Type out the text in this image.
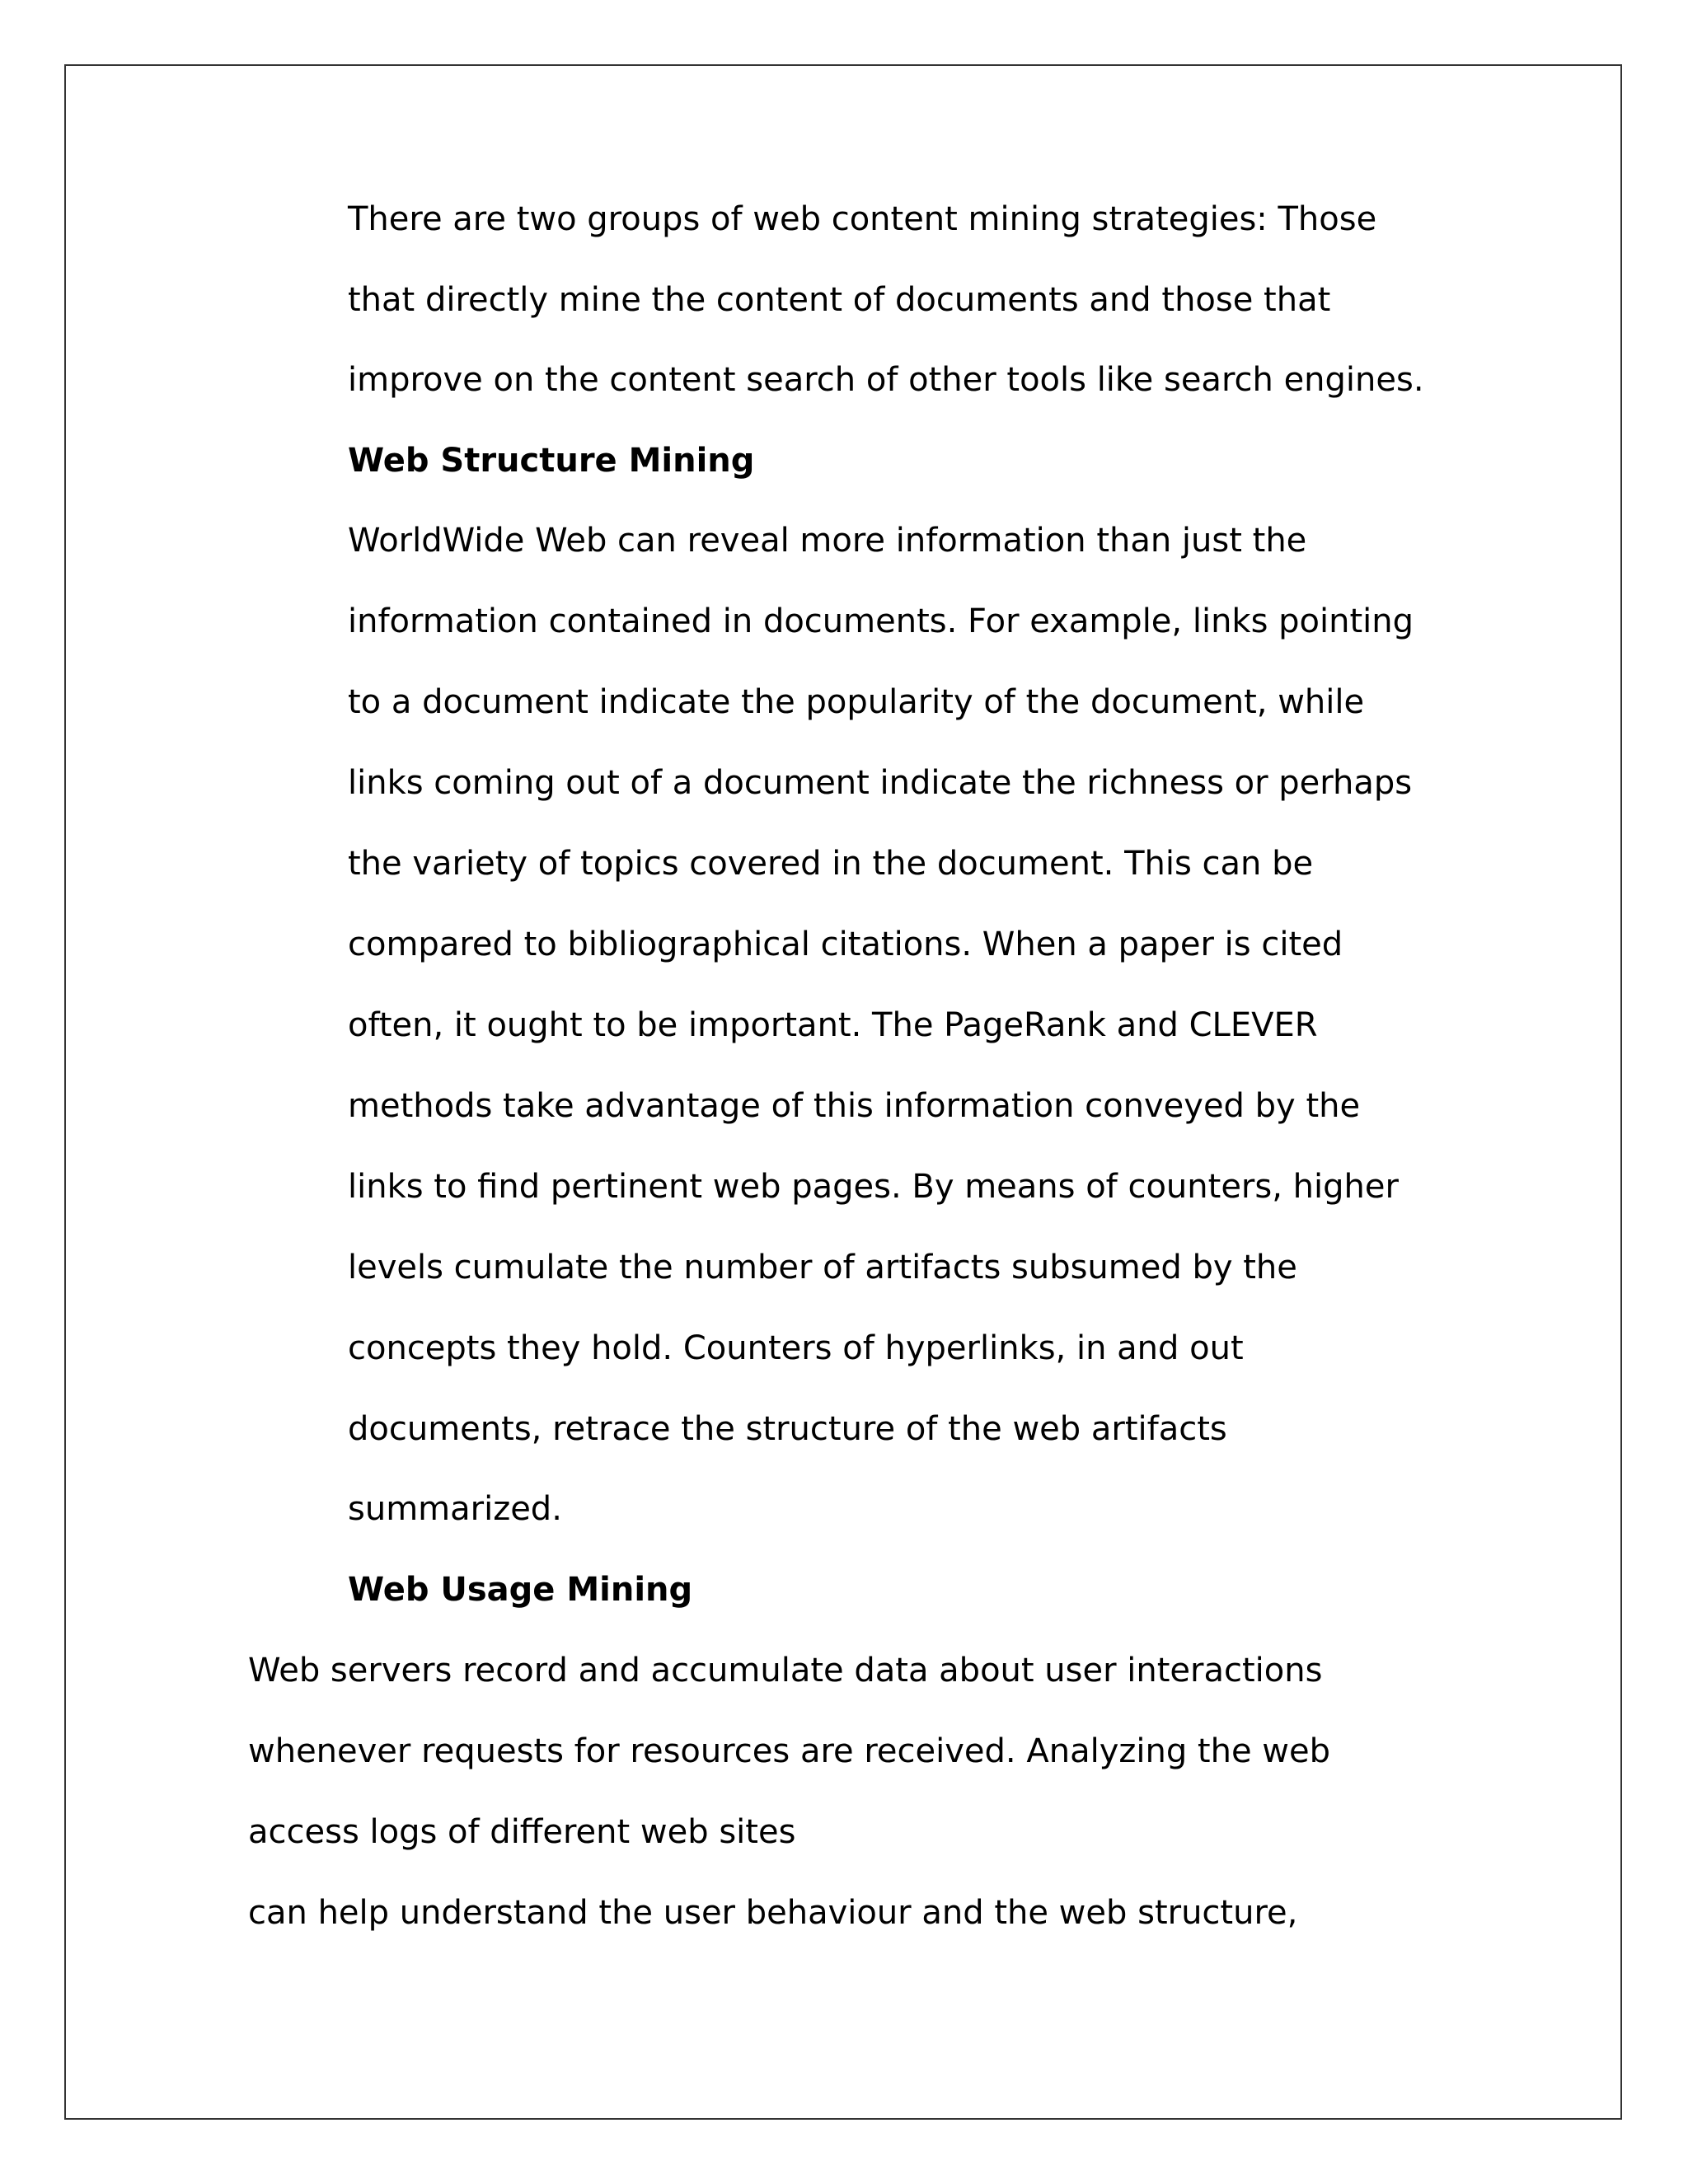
There are two groups of web content mining strategies: Those

that directly mine the content of documents and those that

improve on the content search of other tools like search engines.

Web Structure Mining

WorldWide Web can reveal more information than just the

information contained in documents. For example, links pointing

to a document indicate the popularity of the document, while

links coming out of a document indicate the richness or perhaps

the variety of topics covered in the document. This can be

compared to bibliographical citations. When a paper is cited

often, it ought to be important. The PageRank and CLEVER

methods take advantage of this information conveyed by the

links to find pertinent web pages. By means of counters, higher

levels cumulate the number of artifacts subsumed by the

concepts they hold. Counters of hyperlinks, in and out

documents, retrace the structure of the web artifacts

summarized.

Web Usage Mining

Web servers record and accumulate data about user interactions

whenever requests for resources are received. Analyzing the web

access logs of different web sites

can help understand the user behaviour and the web structure,
